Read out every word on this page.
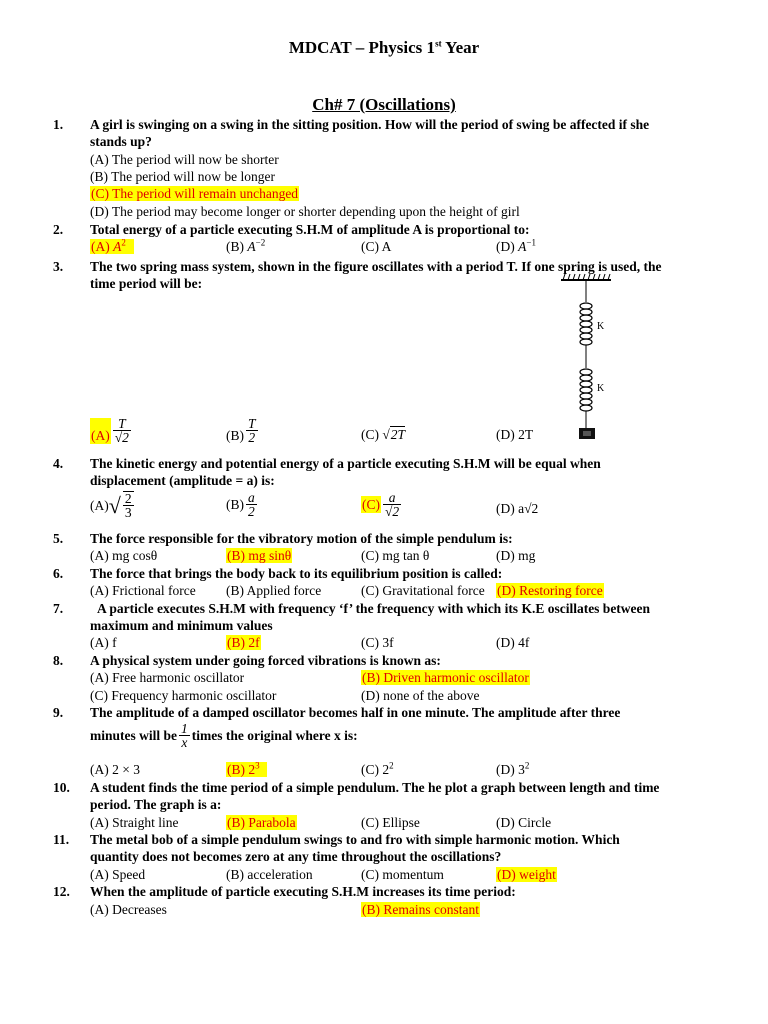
MDCAT – Physics 1st Year
Ch# 7 (Oscillations)
1. A girl is swinging on a swing in the sitting position. How will the period of swing be affected if she
stands up?
(A) The period will now be shorter
(B) The period will now be longer
(C) The period will remain unchanged
(D) The period may become longer or shorter depending upon the height of girl
2. Total energy of a particle executing S.H.M of amplitude A is proportional to:
(A) $A^2$	(B) $A^{-2}$	(C) A	(D) $A^{-1}$
3. The two spring mass system, shown in the figure oscillates with a period T. If one spring is used, the
time period will be:
K
K
$(A) \frac{T}{√2}$	$(B) \frac{T}{2}$	(C) √2T	(D) 2T
4. The kinetic energy and potential energy of a particle executing S.H.M will be equal when
displacement (amplitude = a) is:
$(A)√ \frac{2}{3}$	$(B) \frac{a}{2}$	$(C) \frac{a}{√2}$	(D) a√2
5. The force responsible for the vibratory motion of the simple pendulum is:
(A) mg cosθ	(B) mg sinθ	(C) mg tan θ	(D) mg
6. The force that brings the body back to its equilibrium position is called:
(A) Frictional force (B) Applied force	(C) Gravitational force (D) Restoring force
7.	A particle executes S.H.M with frequency ‘f’ the frequency with which its K.E oscillates between
maximum and minimum values
(A) f	(B) 2f	(C) 3f	(D) 4f
8. A physical system under going forced vibrations is known as:
(A) Free harmonic oscillator	(B) Driven harmonic oscillator
(C) Frequency harmonic oscillator	(D) none of the above
9. The amplitude of a damped oscillator becomes half in one minute. The amplitude after three
minutes will be $\frac{1}{x}$ times the original where x is:
(A) 2 × 3	(B) $2^3$	(C) $2^2$	(D) $3^2$
10. A student finds the time period of a simple pendulum. The he plot a graph between length and time
period. The graph is a:
(A) Straight line	(B) Parabola	(C) Ellipse	(D) Circle
11. The metal bob of a simple pendulum swings to and fro with simple harmonic motion. Which
quantity does not becomes zero at any time throughout the oscillations?
(A) Speed	(B) acceleration	(C) momentum	(D) weight
12. When the amplitude of particle executing S.H.M increases its time period:
(A) Decreases	(B) Remains constant
